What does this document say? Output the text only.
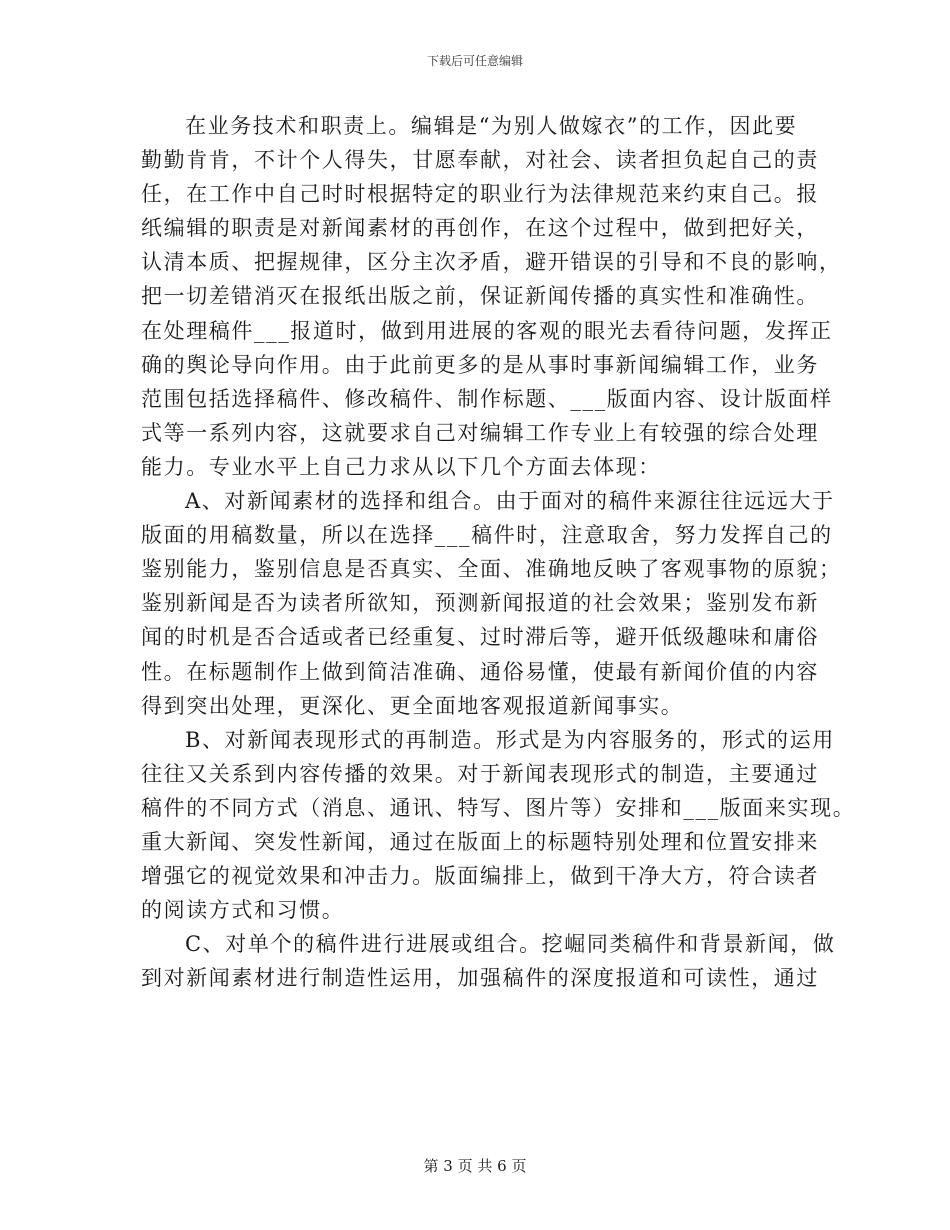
下载后可任意编辑
在业务技术和职责上。编辑是“为别人做嫁衣”的工作，因此要
勤勤肯肯，不计个人得失，甘愿奉献，对社会、读者担负起自己的责
任，在工作中自己时时根据特定的职业行为法律规范来约束自己。报
纸编辑的职责是对新闻素材的再创作，在这个过程中，做到把好关，
认清本质、把握规律，区分主次矛盾，避开错误的引导和不良的影响，
把一切差错消灭在报纸出版之前，保证新闻传播的真实性和准确性。
在处理稿件___报道时，做到用进展的客观的眼光去看待问题，发挥正
确的舆论导向作用。由于此前更多的是从事时事新闻编辑工作，业务
范围包括选择稿件、修改稿件、制作标题、___版面内容、设计版面样
式等一系列内容，这就要求自己对编辑工作专业上有较强的综合处理
能力。专业水平上自己力求从以下几个方面去体现：
A、对新闻素材的选择和组合。由于面对的稿件来源往往远远大于
版面的用稿数量，所以在选择___稿件时，注意取舍，努力发挥自己的
鉴别能力，鉴别信息是否真实、全面、准确地反映了客观事物的原貌；
鉴别新闻是否为读者所欲知，预测新闻报道的社会效果；鉴别发布新
闻的时机是否合适或者已经重复、过时滞后等，避开低级趣味和庸俗
性。在标题制作上做到简洁准确、通俗易懂，使最有新闻价值的内容
得到突出处理，更深化、更全面地客观报道新闻事实。
B、对新闻表现形式的再制造。形式是为内容服务的，形式的运用
往往又关系到内容传播的效果。对于新闻表现形式的制造，主要通过
稿件的不同方式（消息、通讯、特写、图片等）安排和___版面来实现。
重大新闻、突发性新闻，通过在版面上的标题特别处理和位置安排来
增强它的视觉效果和冲击力。版面编排上，做到干净大方，符合读者
的阅读方式和习惯。
C、对单个的稿件进行进展或组合。挖崛同类稿件和背景新闻，做
到对新闻素材进行制造性运用，加强稿件的深度报道和可读性，通过
第 3 页 共 6 页
